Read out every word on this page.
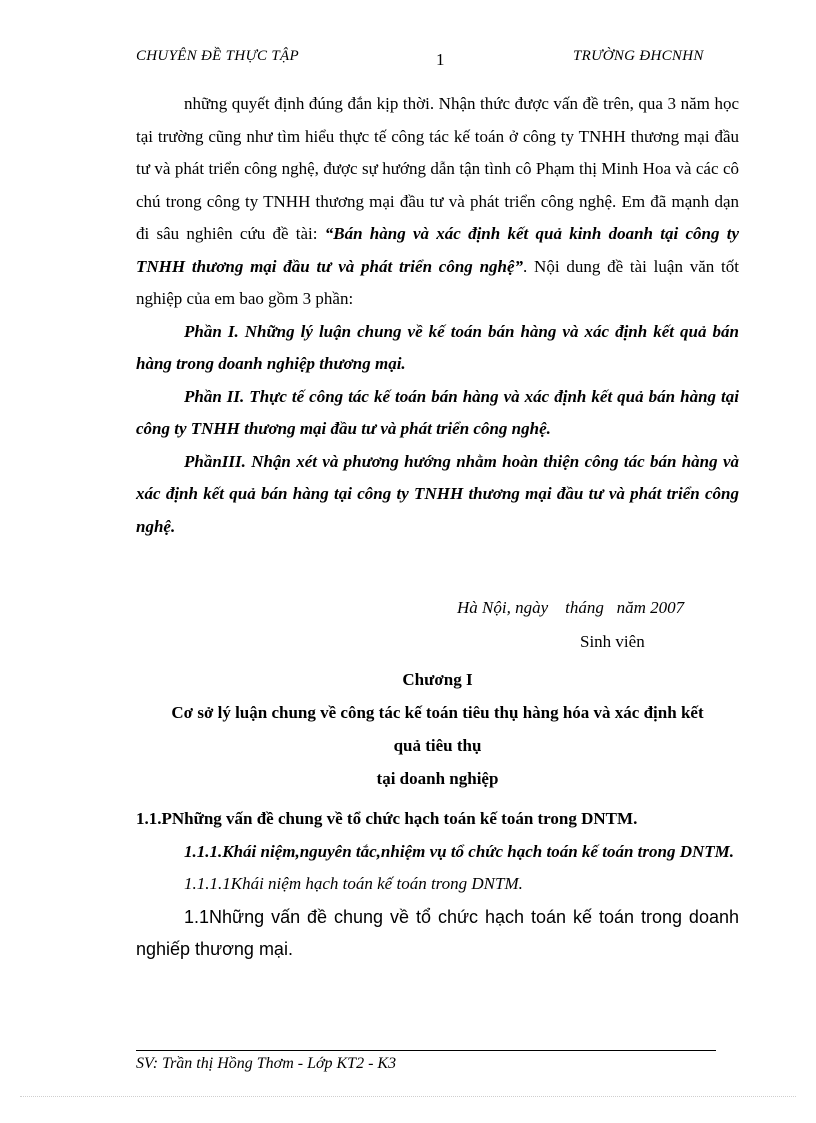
CHUYÊN ĐỀ THỰC TẬP	1	TRƯỜNG ĐHCNHN

những quyết định đúng đắn kịp thời. Nhận thức được vấn đề trên, qua 3 năm học tại trường cũng như tìm hiểu thực tế công tác kế toán ở công ty TNHH thương mại đầu tư và phát triển công nghệ, được sự hướng dẫn tận tình cô Phạm thị Minh Hoa và các cô chú trong công ty TNHH thương mại đầu tư và phát triển công nghệ. Em đã mạnh dạn đi sâu nghiên cứu đề tài: “Bán hàng và xác định kết quả kinh doanh tại công ty TNHH thương mại đầu tư và phát triển công nghệ”. Nội dung đề tài luận văn tốt nghiệp của em bao gồm 3 phần:

Phần I. Những lý luận chung về kế toán bán hàng và xác định kết quả bán hàng trong doanh nghiệp thương mại.

Phần II. Thực tế công tác kế toán bán hàng và xác định kết quả bán hàng tại công ty TNHH thương mại đầu tư và phát triển công nghệ.

PhầnIII. Nhận xét và phương hướng nhằm hoàn thiện công tác bán hàng và xác định kết quả bán hàng tại công ty TNHH thương mại đầu tư và phát triển công nghệ.

Hà Nội, ngày    tháng   năm 2007
Sinh viên
Chương I
Cơ sở lý luận chung về công tác kế toán tiêu thụ hàng hóa và xác định kết
quả tiêu thụ
tại doanh nghiệp

1.1.PNhững vấn đề chung về tổ chức hạch toán kế toán trong DNTM.

1.1.1.Khái niệm,nguyên tắc,nhiệm vụ tổ chức hạch toán kế toán trong DNTM.

1.1.1.1Khái niệm hạch toán kế toán trong DNTM.

1.1Những vấn đề chung về tổ chức hạch toán kế toán trong doanh nghiếp thương mại.

SV: Trần thị Hồng Thơm - Lớp KT2 - K3
